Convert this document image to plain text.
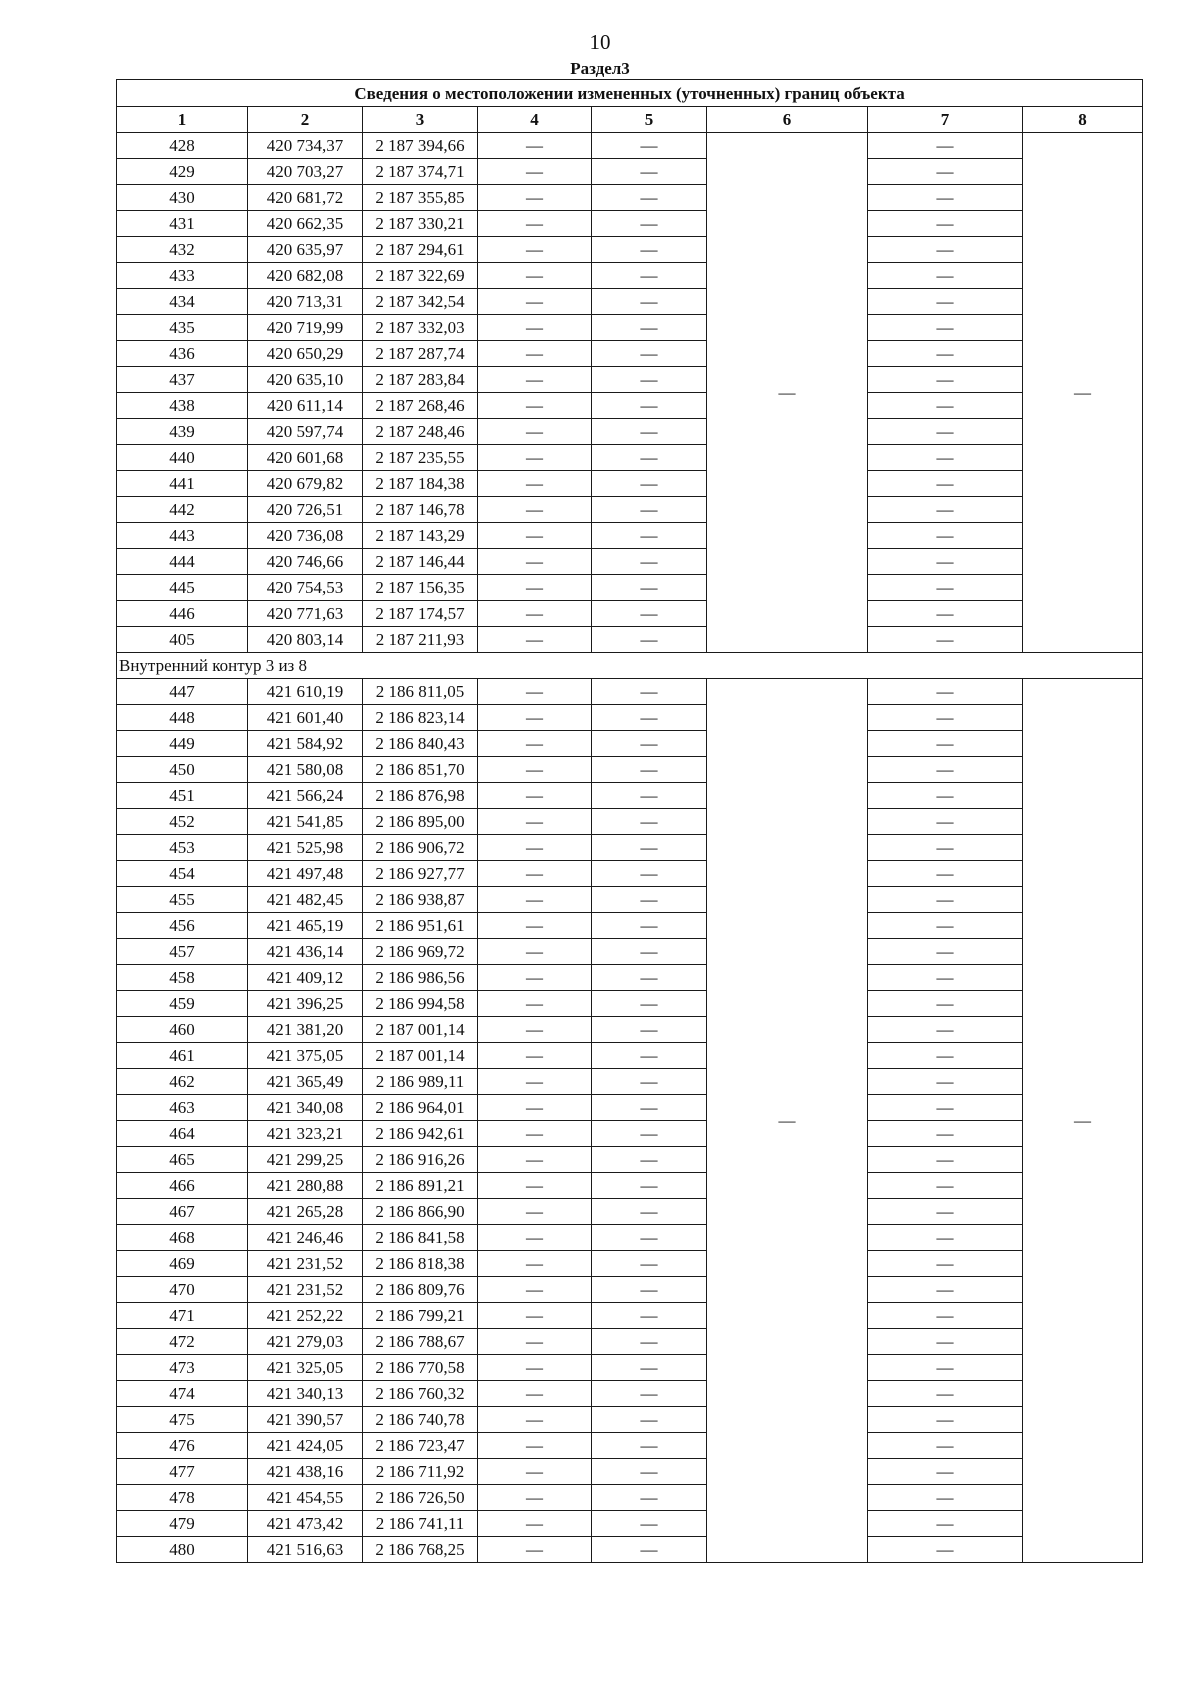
10
Раздел3
Сведения о местоположении измененных (уточненных) границ объекта							
1	2	3	4	5	6	7	8
428	420 734,37	2 187 394,66	—	—	—	—	—
429	420 703,27	2 187 374,71	—	—		—	
430	420 681,72	2 187 355,85	—	—		—	
431	420 662,35	2 187 330,21	—	—		—	
432	420 635,97	2 187 294,61	—	—		—	
433	420 682,08	2 187 322,69	—	—		—	
434	420 713,31	2 187 342,54	—	—		—	
435	420 719,99	2 187 332,03	—	—		—	
436	420 650,29	2 187 287,74	—	—		—	
437	420 635,10	2 187 283,84	—	—		—	
438	420 611,14	2 187 268,46	—	—		—	
439	420 597,74	2 187 248,46	—	—		—	
440	420 601,68	2 187 235,55	—	—		—	
441	420 679,82	2 187 184,38	—	—		—	
442	420 726,51	2 187 146,78	—	—		—	
443	420 736,08	2 187 143,29	—	—		—	
444	420 746,66	2 187 146,44	—	—		—	
445	420 754,53	2 187 156,35	—	—		—	
446	420 771,63	2 187 174,57	—	—		—	
405	420 803,14	2 187 211,93	—	—		—	
Внутренний контур 3 из 8							
447	421 610,19	2 186 811,05	—	—	—	—	—
448	421 601,40	2 186 823,14	—	—		—	
449	421 584,92	2 186 840,43	—	—		—	
450	421 580,08	2 186 851,70	—	—		—	
451	421 566,24	2 186 876,98	—	—		—	
452	421 541,85	2 186 895,00	—	—		—	
453	421 525,98	2 186 906,72	—	—		—	
454	421 497,48	2 186 927,77	—	—		—	
455	421 482,45	2 186 938,87	—	—		—	
456	421 465,19	2 186 951,61	—	—		—	
457	421 436,14	2 186 969,72	—	—		—	
458	421 409,12	2 186 986,56	—	—		—	
459	421 396,25	2 186 994,58	—	—		—	
460	421 381,20	2 187 001,14	—	—		—	
461	421 375,05	2 187 001,14	—	—		—	
462	421 365,49	2 186 989,11	—	—		—	
463	421 340,08	2 186 964,01	—	—		—	
464	421 323,21	2 186 942,61	—	—		—	
465	421 299,25	2 186 916,26	—	—		—	
466	421 280,88	2 186 891,21	—	—		—	
467	421 265,28	2 186 866,90	—	—		—	
468	421 246,46	2 186 841,58	—	—		—	
469	421 231,52	2 186 818,38	—	—		—	
470	421 231,52	2 186 809,76	—	—		—	
471	421 252,22	2 186 799,21	—	—		—	
472	421 279,03	2 186 788,67	—	—		—	
473	421 325,05	2 186 770,58	—	—		—	
474	421 340,13	2 186 760,32	—	—		—	
475	421 390,57	2 186 740,78	—	—		—	
476	421 424,05	2 186 723,47	—	—		—	
477	421 438,16	2 186 711,92	—	—		—	
478	421 454,55	2 186 726,50	—	—		—	
479	421 473,42	2 186 741,11	—	—		—	
480	421 516,63	2 186 768,25	—	—		—	
